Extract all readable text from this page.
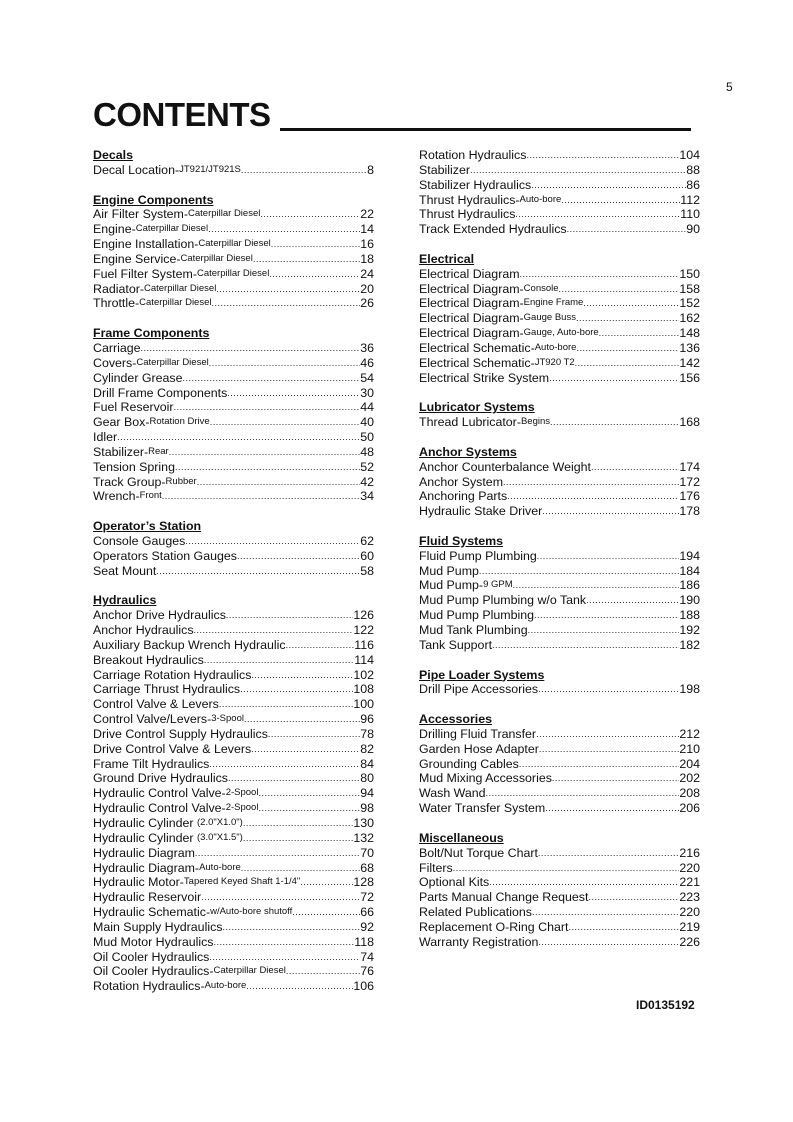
5
CONTENTS
Decals
Decal Location - JT921/JT921S .....	8
Engine Components
Air Filter System - Caterpillar Diesel .....	22
Engine - Caterpillar Diesel .....	14
Engine Installation - Caterpillar Diesel .....	16
Engine Service - Caterpillar Diesel .....	18
Fuel Filter System - Caterpillar Diesel .....	24
Radiator - Caterpillar Diesel .....	20
Throttle - Caterpillar Diesel .....	26
Frame Components
Carriage .....	36
Covers - Caterpillar Diesel .....	46
Cylinder Grease .....	54
Drill Frame Components .....	30
Fuel Reservoir .....	44
Gear Box - Rotation Drive .....	40
Idler .....	50
Stabilizer - Rear .....	48
Tension Spring .....	52
Track Group - Rubber .....	42
Wrench - Front .....	34
Operator’s Station
Console Gauges .....	62
Operators Station Gauges .....	60
Seat Mount .....	58
Hydraulics
Anchor Drive Hydraulics .....	126
Anchor Hydraulics .....	122
Auxiliary Backup Wrench Hydraulic .....	116
Breakout Hydraulics .....	114
Carriage Rotation Hydraulics .....	102
Carriage Thrust Hydraulics .....	108
Control Valve & Levers .....	100
Control Valve/Levers - 3-Spool .....	96
Drive Control Supply Hydraulics .....	78
Drive Control Valve & Levers .....	82
Frame Tilt Hydraulics .....	84
Ground Drive Hydraulics .....	80
Hydraulic Control Valve - 2-Spool .....	94
Hydraulic Control Valve - 2-Spool .....	98
Hydraulic Cylinder
(2.0"X1.0") .....	130
Hydraulic Cylinder
(3.0"X1.5") .....	132
Hydraulic Diagram .....	70
Hydraulic Diagram - Auto-bore .....	68
Hydraulic Motor - Tapered Keyed Shaft 1-1/4" .....	128
Hydraulic Reservoir .....	72
Hydraulic Schematic - w/Auto-bore shutoff .....	66
Main Supply Hydraulics .....	92
Mud Motor Hydraulics .....	118
Oil Cooler Hydraulics .....	74
Oil Cooler Hydraulics - Caterpillar Diesel .....	76
Rotation Hydraulics - Auto-bore .....	106
Rotation Hydraulics .....	104
Stabilizer .....	88
Stabilizer Hydraulics .....	86
Thrust Hydraulics - Auto-bore .....	112
Thrust Hydraulics .....	110
Track Extended Hydraulics .....	90
Electrical
Electrical Diagram .....	150
Electrical Diagram - Console .....	158
Electrical Diagram - Engine Frame .....	152
Electrical Diagram - Gauge Buss .....	162
Electrical Diagram - Gauge, Auto-bore .....	148
Electrical Schematic - Auto-bore .....	136
Electrical Schematic - JT920 T2 .....	142
Electrical Strike System .....	156
Lubricator Systems
Thread Lubricator - Begins .....	168
Anchor Systems
Anchor Counterbalance Weight .....	174
Anchor System .....	172
Anchoring Parts .....	176
Hydraulic Stake Driver .....	178
Fluid Systems
Fluid Pump Plumbing .....	194
Mud Pump .....	184
Mud Pump - 9 GPM .....	186
Mud Pump Plumbing w/o Tank .....	190
Mud Pump Plumbing .....	188
Mud Tank Plumbing .....	192
Tank Support .....	182
Pipe Loader Systems
Drill Pipe Accessories .....	198
Accessories
Drilling Fluid Transfer .....	212
Garden Hose Adapter .....	210
Grounding Cables .....	204
Mud Mixing Accessories .....	202
Wash Wand .....	208
Water Transfer System .....	206
Miscellaneous
Bolt/Nut Torque Chart .....	216
Filters .....	220
Optional Kits .....	221
Parts Manual Change Request .....	223
Related Publications .....	220
Replacement O-Ring Chart .....	219
Warranty Registration .....	226
ID0135192
